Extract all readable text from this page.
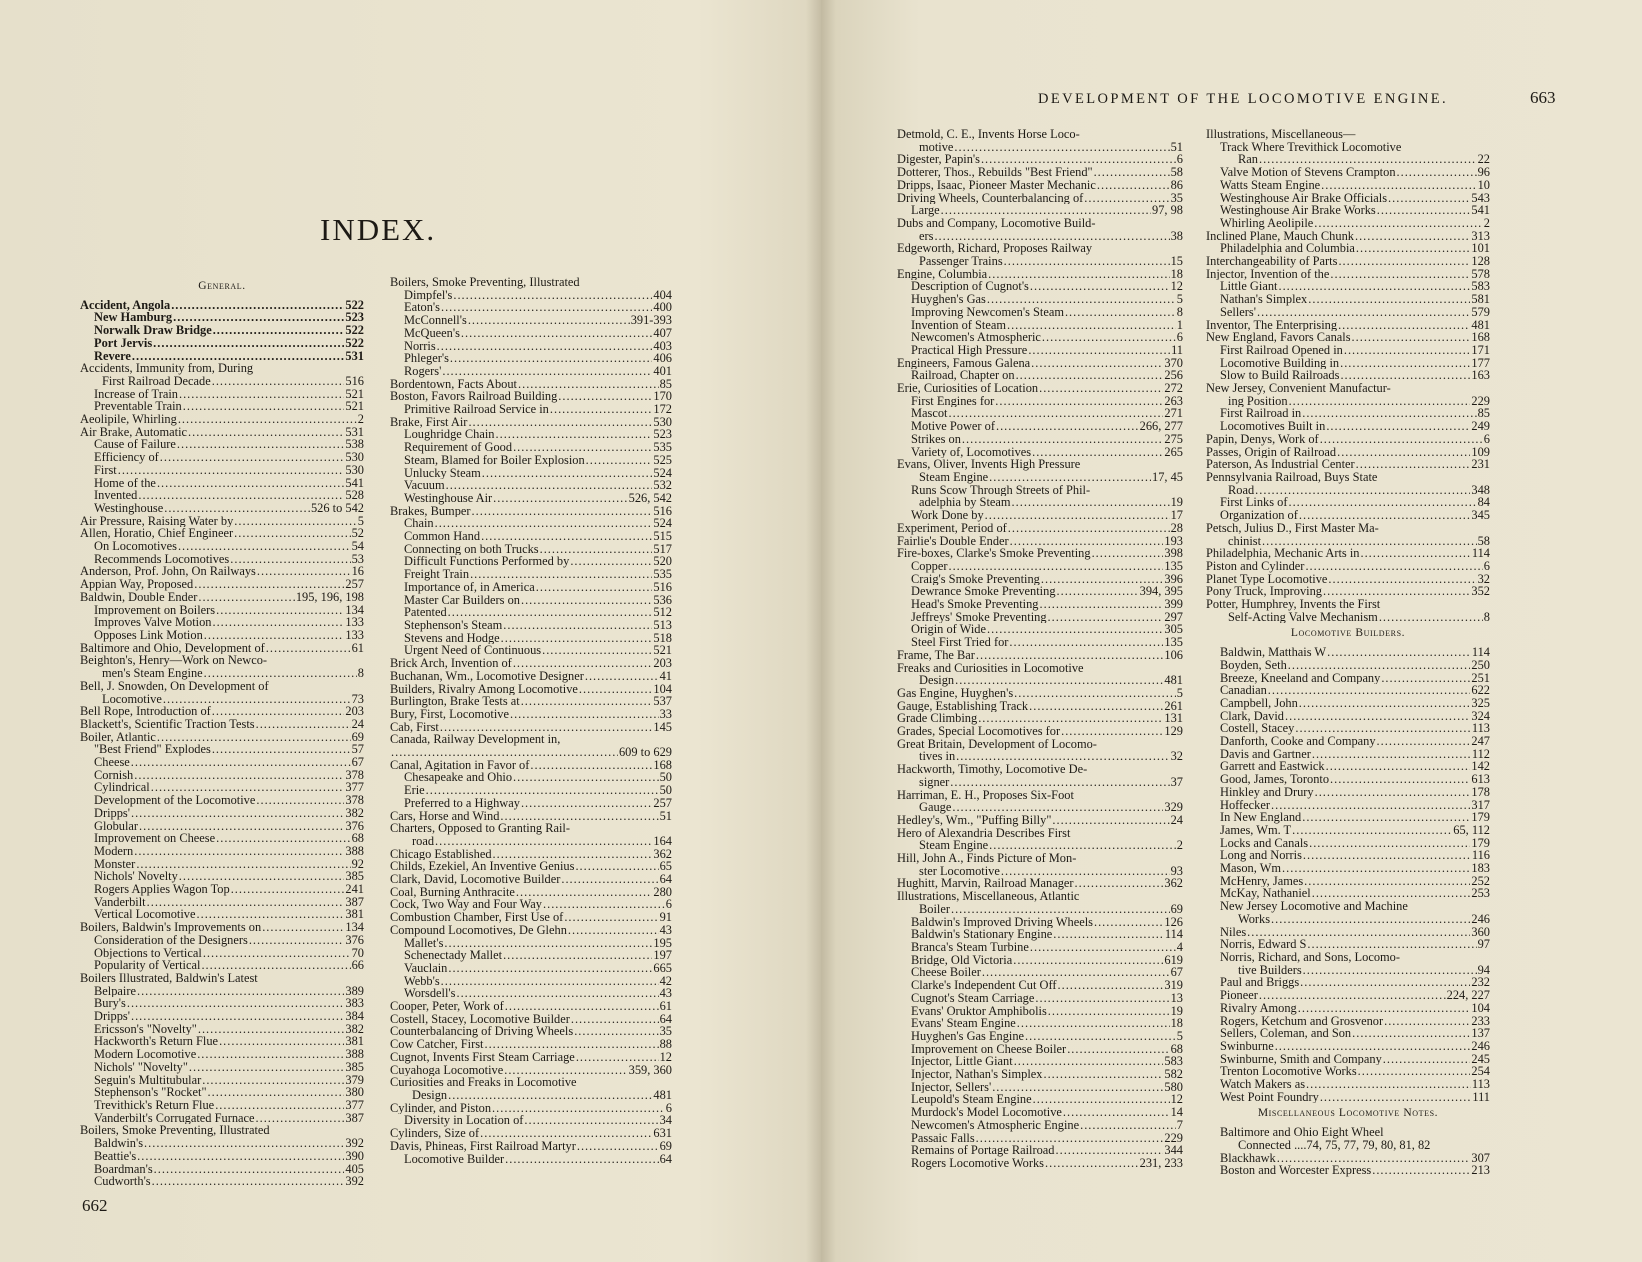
INDEX.
General.
Accident, Angola .....	522
New Hamburg .....	523
Norwalk Draw Bridge .....	522
Port Jervis .....	522
Revere .....	531
Accidents, Immunity from, During
First Railroad Decade .....	516
Increase of Train .....	521
Preventable Train .....	521
Aeolipile, Whirling .....	2
Air Brake, Automatic .....	531
Cause of Failure .....	538
Efficiency of .....	530
First .....	530
Home of the .....	541
Invented .....	528
Westinghouse .....	526 to 542
Air Pressure, Raising Water by .....	5
Allen, Horatio, Chief Engineer .....	52
On Locomotives .....	54
Recommends Locomotives .....	53
Anderson, Prof. John, On Railways .....	16
Appian Way, Proposed .....	257
Baldwin, Double Ender .....	195, 196, 198
Improvement on Boilers .....	134
Improves Valve Motion .....	133
Opposes Link Motion .....	133
Baltimore and Ohio, Development of .....	61
Beighton's, Henry—Work on Newco-
men's Steam Engine .....	8
Bell, J. Snowden, On Development of
Locomotive .....	73
Bell Rope, Introduction of .....	203
Blackett's, Scientific Traction Tests .....	24
Boiler, Atlantic .....	69
"Best Friend" Explodes .....	57
Cheese .....	67
Cornish .....	378
Cylindrical .....	377
Development of the Locomotive .....	378
Dripps' .....	382
Globular .....	376
Improvement on Cheese .....	68
Modern .....	388
Monster .....	92
Nichols' Novelty .....	385
Rogers Applies Wagon Top .....	241
Vanderbilt .....	387
Vertical Locomotive .....	381
Boilers, Baldwin's Improvements on .....	134
Consideration of the Designers .....	376
Objections to Vertical .....	70
Popularity of Vertical .....	66
Boilers Illustrated, Baldwin's Latest
Belpaire .....	389
Bury's .....	383
Dripps' .....	384
Ericsson's "Novelty" .....	382
Hackworth's Return Flue .....	381
Modern Locomotive .....	388
Nichols' "Novelty" .....	385
Seguin's Multitubular .....	379
Stephenson's "Rocket" .....	380
Trevithick's Return Flue .....	377
Vanderbilt's Corrugated Furnace .....	387
Boilers, Smoke Preventing, Illustrated
Baldwin's .....	392
Beattie's .....	390
Boardman's .....	405
Cudworth's .....	392
Boilers, Smoke Preventing, Illustrated
Dimpfel's .....	404
Eaton's .....	400
McConnell's .....	391-393
McQueen's .....	407
Norris .....	403
Phleger's .....	406
Rogers' .....	401
Bordentown, Facts About .....	85
Boston, Favors Railroad Building .....	170
Primitive Railroad Service in .....	172
Brake, First Air .....	530
Loughridge Chain .....	523
Requirement of Good .....	535
Steam, Blamed for Boiler Explosion .....	525
Unlucky Steam .....	524
Vacuum .....	532
Westinghouse Air .....	526, 542
Brakes, Bumper .....	516
Chain .....	524
Common Hand .....	515
Connecting on both Trucks .....	517
Difficult Functions Performed by .....	520
Freight Train .....	535
Importance of, in America .....	516
Master Car Builders on .....	536
Patented .....	512
Stephenson's Steam .....	513
Stevens and Hodge .....	518
Urgent Need of Continuous .....	521
Brick Arch, Invention of .....	203
Buchanan, Wm., Locomotive Designer .....	41
Builders, Rivalry Among Locomotive .....	104
Burlington, Brake Tests at .....	537
Bury, First, Locomotive .....	33
Cab, First .....	145
Canada, Railway Development in,
.....
609 to 629
Canal, Agitation in Favor of .....	168
Chesapeake and Ohio .....	50
Erie .....	50
Preferred to a Highway .....	257
Cars, Horse and Wind .....	51
Charters, Opposed to Granting Rail-
road .....	164
Chicago Established .....	362
Childs, Ezekiel, An Inventive Genius .....	65
Clark, David, Locomotive Builder .....	64
Coal, Burning Anthracite .....	280
Cock, Two Way and Four Way .....	6
Combustion Chamber, First Use of .....	91
Compound Locomotives, De Glehn .....	43
Mallet's .....	195
Schenectady Mallet .....	197
Vauclain .....	665
Webb's .....	42
Worsdell's .....	43
Cooper, Peter, Work of .....	61
Costell, Stacey, Locomotive Builder .....	64
Counterbalancing of Driving Wheels .....	35
Cow Catcher, First .....	88
Cugnot, Invents First Steam Carriage .....	12
Cuyahoga Locomotive .....	359, 360
Curiosities and Freaks in Locomotive
Design .....	481
Cylinder, and Piston .....	6
Diversity in Location of .....	34
Cylinders, Size of .....	631
Davis, Phineas, First Railroad Martyr .....	69
Locomotive Builder .....	64
662
DEVELOPMENT OF THE LOCOMOTIVE ENGINE.	663
Detmold, C. E., Invents Horse Loco-
motive .....	51
Digester, Papin's .....	6
Dotterer, Thos., Rebuilds "Best Friend" .....	58
Dripps, Isaac, Pioneer Master Mechanic .....	86
Driving Wheels, Counterbalancing of .....	35
Large .....	97, 98
Dubs and Company, Locomotive Build-
ers .....	38
Edgeworth, Richard, Proposes Railway
Passenger Trains .....	15
Engine, Columbia .....	18
Description of Cugnot's .....	12
Huyghen's Gas .....	5
Improving Newcomen's Steam .....	8
Invention of Steam .....	1
Newcomen's Atmospheric .....	6
Practical High Pressure .....	11
Engineers, Famous Galena .....	370
Railroad, Chapter on .....	256
Erie, Curiosities of Location .....	272
First Engines for .....	263
Mascot .....	271
Motive Power of .....	266, 277
Strikes on .....	275
Variety of, Locomotives .....	265
Evans, Oliver, Invents High Pressure
Steam Engine .....	17, 45
Runs Scow Through Streets of Phil-
adelphia by Steam .....	19
Work Done by .....	17
Experiment, Period of .....	28
Fairlie's Double Ender .....	193
Fire-boxes, Clarke's Smoke Preventing .....	398
Copper .....	135
Craig's Smoke Preventing .....	396
Dewrance Smoke Preventing .....	394, 395
Head's Smoke Preventing .....	399
Jeffreys' Smoke Preventing .....	297
Origin of Wide .....	305
Steel First Tried for .....	135
Frame, The Bar .....	106
Freaks and Curiosities in Locomotive
Design .....	481
Gas Engine, Huyghen's .....	5
Gauge, Establishing Track .....	261
Grade Climbing .....	131
Grades, Special Locomotives for .....	129
Great Britain, Development of Locomo-
tives in .....	32
Hackworth, Timothy, Locomotive De-
signer .....	37
Harriman, E. H., Proposes Six-Foot
Gauge .....	329
Hedley's, Wm., "Puffing Billy" .....	24
Hero of Alexandria Describes First
Steam Engine .....	2
Hill, John A., Finds Picture of Mon-
ster Locomotive .....	93
Hughitt, Marvin, Railroad Manager .....	362
Illustrations, Miscellaneous, Atlantic
Boiler .....	69
Baldwin's Improved Driving Wheels .....	126
Baldwin's Stationary Engine .....	114
Branca's Steam Turbine .....	4
Bridge, Old Victoria .....	619
Cheese Boiler .....	67
Clarke's Independent Cut Off .....	319
Cugnot's Steam Carriage .....	13
Evans' Oruktor Amphibolis .....	19
Evans' Steam Engine .....	18
Huyghen's Gas Engine .....	5
Improvement on Cheese Boiler .....	68
Injector, Little Giant .....	583
Injector, Nathan's Simplex .....	582
Injector, Sellers' .....	580
Leupold's Steam Engine .....	12
Murdock's Model Locomotive .....	14
Newcomen's Atmospheric Engine .....	7
Passaic Falls .....	229
Remains of Portage Railroad .....	344
Rogers Locomotive Works .....	231, 233
Illustrations, Miscellaneous—
Track Where Trevithick Locomotive
Ran .....	22
Valve Motion of Stevens Crampton .....	96
Watts Steam Engine .....	10
Westinghouse Air Brake Officials .....	543
Westinghouse Air Brake Works .....	541
Whirling Aeolipile .....	2
Inclined Plane, Mauch Chunk .....	313
Philadelphia and Columbia .....	101
Interchangeability of Parts .....	128
Injector, Invention of the .....	578
Little Giant .....	583
Nathan's Simplex .....	581
Sellers' .....	579
Inventor, The Enterprising .....	481
New England, Favors Canals .....	168
First Railroad Opened in .....	171
Locomotive Building in .....	177
Slow to Build Railroads .....	163
New Jersey, Convenient Manufactur-
ing Position .....	229
First Railroad in .....	85
Locomotives Built in .....	249
Papin, Denys, Work of .....	6
Passes, Origin of Railroad .....	109
Paterson, As Industrial Center .....	231
Pennsylvania Railroad, Buys State
Road .....	348
First Links of .....	84
Organization of .....	345
Petsch, Julius D., First Master Ma-
chinist .....	58
Philadelphia, Mechanic Arts in .....	114
Piston and Cylinder .....	6
Planet Type Locomotive .....	32
Pony Truck, Improving .....	352
Potter, Humphrey, Invents the First
Self-Acting Valve Mechanism .....	8
Locomotive Builders.
Baldwin, Matthais W .....	114
Boyden, Seth .....	250
Breeze, Kneeland and Company .....	251
Canadian .....	622
Campbell, John .....	325
Clark, David .....	324
Costell, Stacey .....	113
Danforth, Cooke and Company .....	247
Davis and Gartner .....	112
Garrett and Eastwick .....	142
Good, James, Toronto .....	613
Hinkley and Drury .....	178
Hoffecker .....	317
In New England .....	179
James, Wm. T .....	65, 112
Locks and Canals .....	179
Long and Norris .....	116
Mason, Wm .....	183
McHenry, James .....	252
McKay, Nathaniel .....	253
New Jersey Locomotive and Machine
Works .....	246
Niles .....	360
Norris, Edward S .....	97
Norris, Richard, and Sons, Locomo-
tive Builders .....	94
Paul and Briggs .....	232
Pioneer .....	224, 227
Rivalry Among .....	104
Rogers, Ketchum and Grosvenor .....	233
Sellers, Coleman, and Son .....	137
Swinburne .....	246
Swinburne, Smith and Company .....	245
Trenton Locomotive Works .....	254
Watch Makers as .....	113
West Point Foundry .....	111
Miscellaneous Locomotive Notes.
Baltimore and Ohio Eight Wheel
Connected ....74, 75, 77, 79, 80, 81, 82
Blackhawk .....	307
Boston and Worcester Express .....	213
